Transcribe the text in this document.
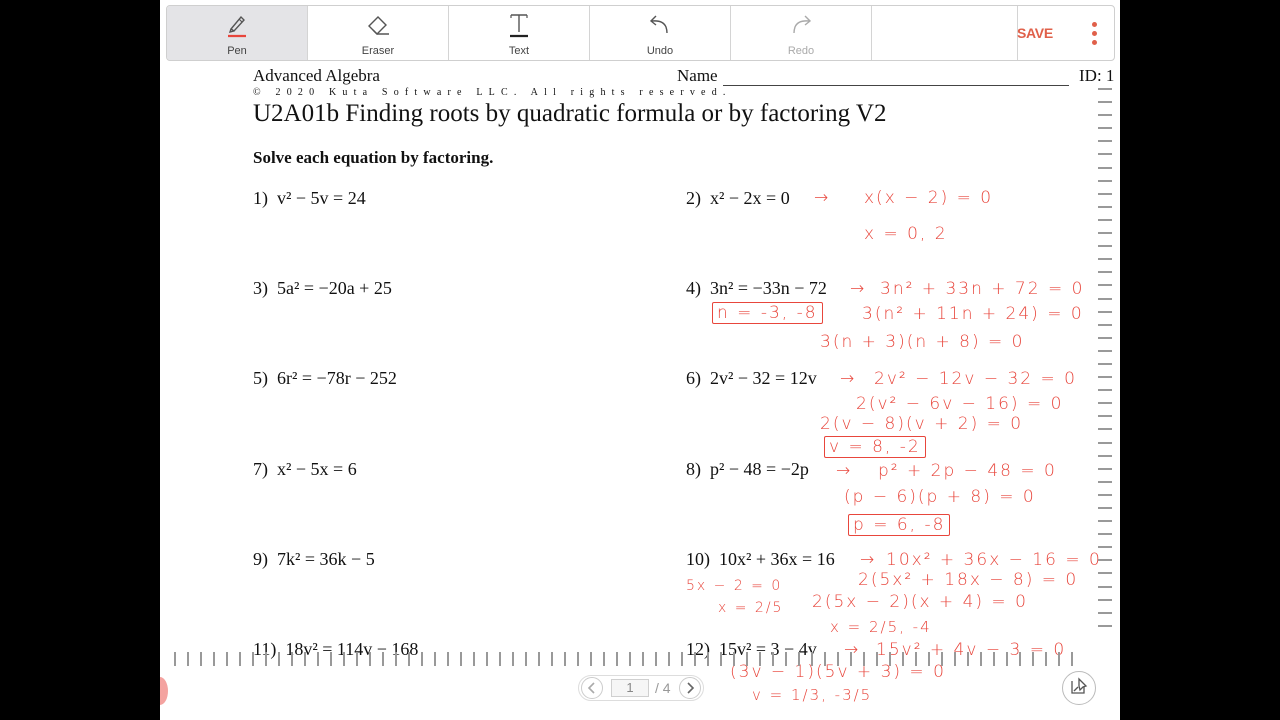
Pen	Eraser	Text	Undo	Redo
SAVE
Advanced Algebra	Name	ID: 1
© 2020 Kuta Software LLC. All rights reserved.
U2A01b Finding roots by quadratic formula or by factoring V2
Solve each equation by factoring.
1) v² − 5v = 24	2) x² − 2x = 0
3) 5a² = −20a + 25	4) 3n² = −33n − 72
5) 6r² = −78r − 252	6) 2v² − 32 = 12v
7) x² − 5x = 6	8) p² − 48 = −2p
9) 7k² = 36k − 5	10) 10x² + 36x = 16
11) 18v² = 114v − 168	12) 15v² = 3 − 4v
→ x(x − 2) = 0
x = 0, 2
→ 3n² + 33n + 72 = 0
3(n² + 11n + 24) = 0
3(n + 3)(n + 8) = 0
n = -3, -8
→ 2v² − 12v − 32 = 0
2(v² − 6v − 16) = 0
2(v − 8)(v + 2) = 0
v = 8, -2
→ p² + 2p − 48 = 0
(p − 6)(p + 8) = 0
p = 6, -8
→ 10x² + 36x − 16 = 0
2(5x² + 18x − 8) = 0
2(5x − 2)(x + 4) = 0
x = 2/5, -4
5x − 2 = 0
x = 2/5
→ 15v² + 4v − 3 = 0
(3v − 1)(5v + 3) = 0
v = 1/3, -3/5
1	/ 4
